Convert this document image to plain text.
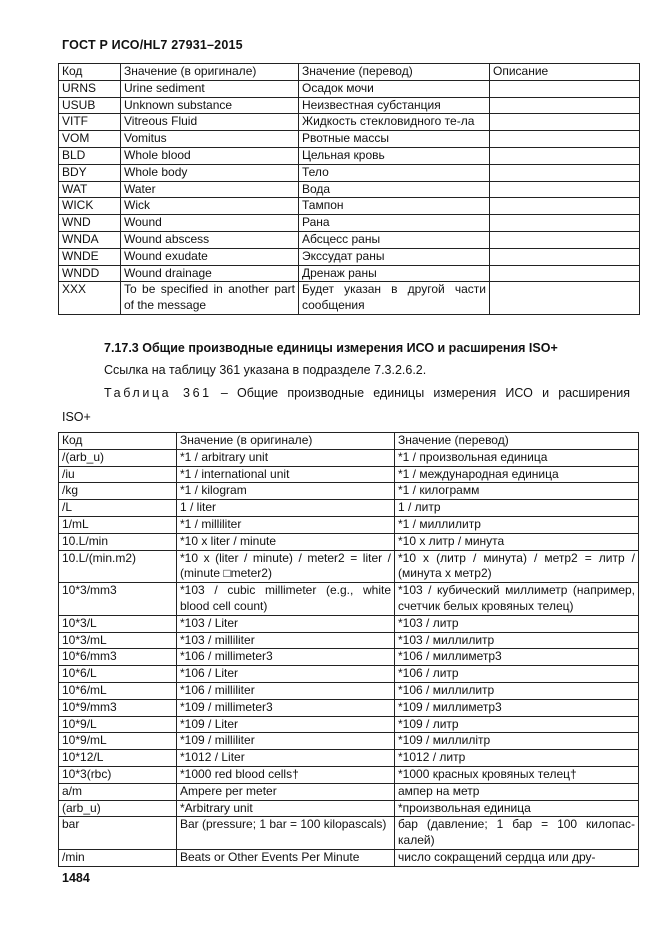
ГОСТ Р ИСО/HL7 27931–2015
Код	Значение (в оригинале)	Значение (перевод)	Описание
URNS	Urine sediment	Осадок мочи	
USUB	Unknown substance	Неизвестная субстанция	
VITF	Vitreous Fluid	Жидкость стекловидного те-ла	
VOM	Vomitus	Рвотные массы	
BLD	Whole blood	Цельная кровь	
BDY	Whole body	Тело	
WAT	Water	Вода	
WICK	Wick	Тампон	
WND	Wound	Рана	
WNDA	Wound abscess	Абсцесс раны	
WNDE	Wound exudate	Экссудат раны	
WNDD	Wound drainage	Дренаж раны	
XXX	To be specified in another part of the message	Будет указан в другой части сообщения	
7.17.3 Общие производные единицы измерения ИСО и расширения ISO+
Ссылка на таблицу 361 указана в подразделе 7.3.2.6.2.
Таблица 361 – Общие производные единицы измерения ИСО и расширения
ISO+
Код	Значение (в оригинале)	Значение (перевод)
/(arb_u)	*1 / arbitrary unit	*1 / произвольная единица
/iu	*1 / international unit	*1 / международная единица
/kg	*1 / kilogram	*1 / килограмм
/L	1 / liter	1 / литр
1/mL	*1 / milliliter	*1 / миллилитр
10.L/min	*10 x liter / minute	*10 x литр / минута
10.L/(min.m2)	*10 x (liter / minute) / meter2 = liter / (minute □meter2)	*10 x (литр / минута) / метр2 = литр / (минута x метр2)
10*3/mm3	*103 / cubic millimeter (e.g., white blood cell count)	*103 / кубический миллиметр (например, счетчик белых кровяных телец)
10*3/L	*103 / Liter	*103 / литр
10*3/mL	*103 / milliliter	*103 / миллилитр
10*6/mm3	*106 / millimeter3	*106 / миллиметр3
10*6/L	*106 / Liter	*106 / литр
10*6/mL	*106 / milliliter	*106 / миллилитр
10*9/mm3	*109 / millimeter3	*109 / миллиметр3
10*9/L	*109 / Liter	*109 / литр
10*9/mL	*109 / milliliter	*109 / миллилітр
10*12/L	*1012 / Liter	*1012 / литр
10*3(rbc)	*1000 red blood cells†	*1000 красных кровяных телец†
a/m	Ampere per meter	ампер на метр
(arb_u)	*Arbitrary unit	*произвольная единица
bar	Bar (pressure; 1 bar = 100 kilopascals)	бар (давление; 1 бар = 100 килопас-калей)
/min	Beats or Other Events Per Minute	число сокращений сердца или дру-
1484
